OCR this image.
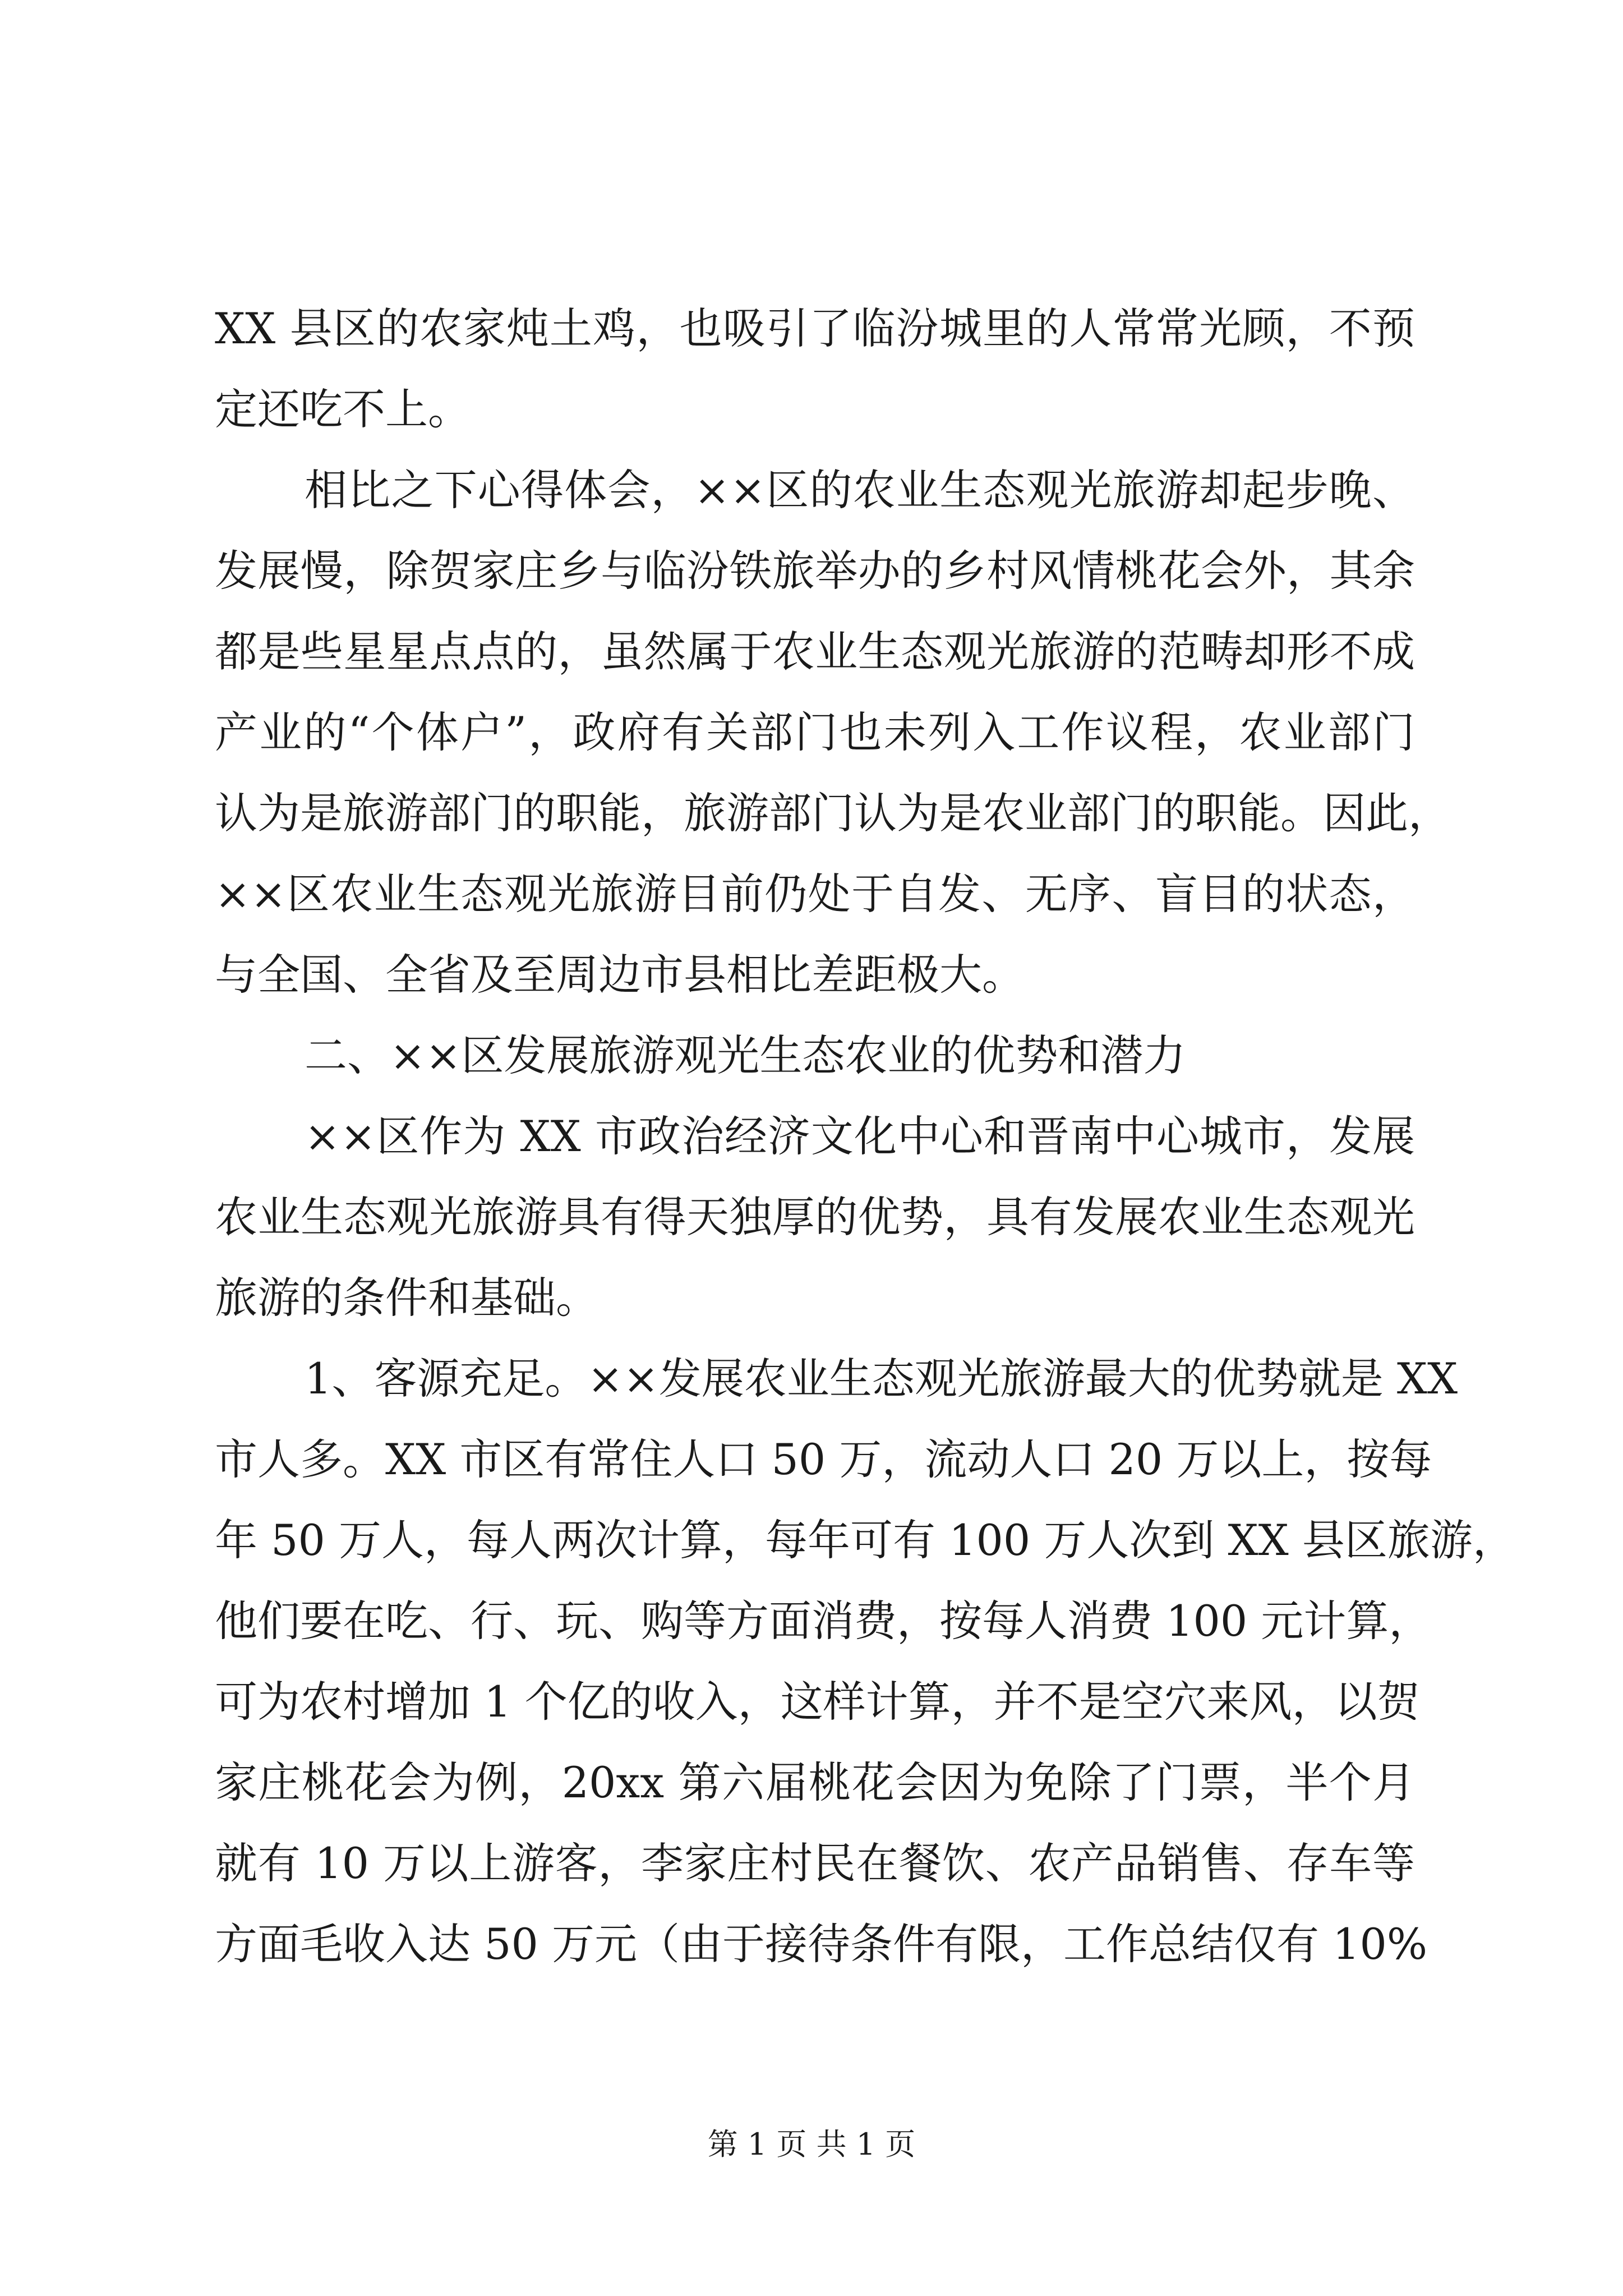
XX 县区的农家炖土鸡，也吸引了临汾城里的人常常光顾，不预

定还吃不上。

相比之下心得体会，××区的农业生态观光旅游却起步晚、

发展慢，除贺家庄乡与临汾铁旅举办的乡村风情桃花会外，其余

都是些星星点点的，虽然属于农业生态观光旅游的范畴却形不成

产业的“个体户”，政府有关部门也未列入工作议程，农业部门

认为是旅游部门的职能，旅游部门认为是农业部门的职能。因此，

××区农业生态观光旅游目前仍处于自发、无序、盲目的状态，

与全国、全省及至周边市县相比差距极大。

二、××区发展旅游观光生态农业的优势和潜力

××区作为 XX 市政治经济文化中心和晋南中心城市，发展

农业生态观光旅游具有得天独厚的优势，具有发展农业生态观光

旅游的条件和基础。

1、客源充足。××发展农业生态观光旅游最大的优势就是 XX

市人多。XX 市区有常住人口 50 万，流动人口 20 万以上，按每

年 50 万人，每人两次计算，每年可有 100 万人次到 XX 县区旅游，

他们要在吃、行、玩、购等方面消费，按每人消费 100 元计算，

可为农村增加 1 个亿的收入，这样计算，并不是空穴来风，以贺

家庄桃花会为例，20xx 第六届桃花会因为免除了门票，半个月

就有 10 万以上游客，李家庄村民在餐饮、农产品销售、存车等

方面毛收入达 50 万元（由于接待条件有限，工作总结仅有 10%

第 1 页 共 1 页
